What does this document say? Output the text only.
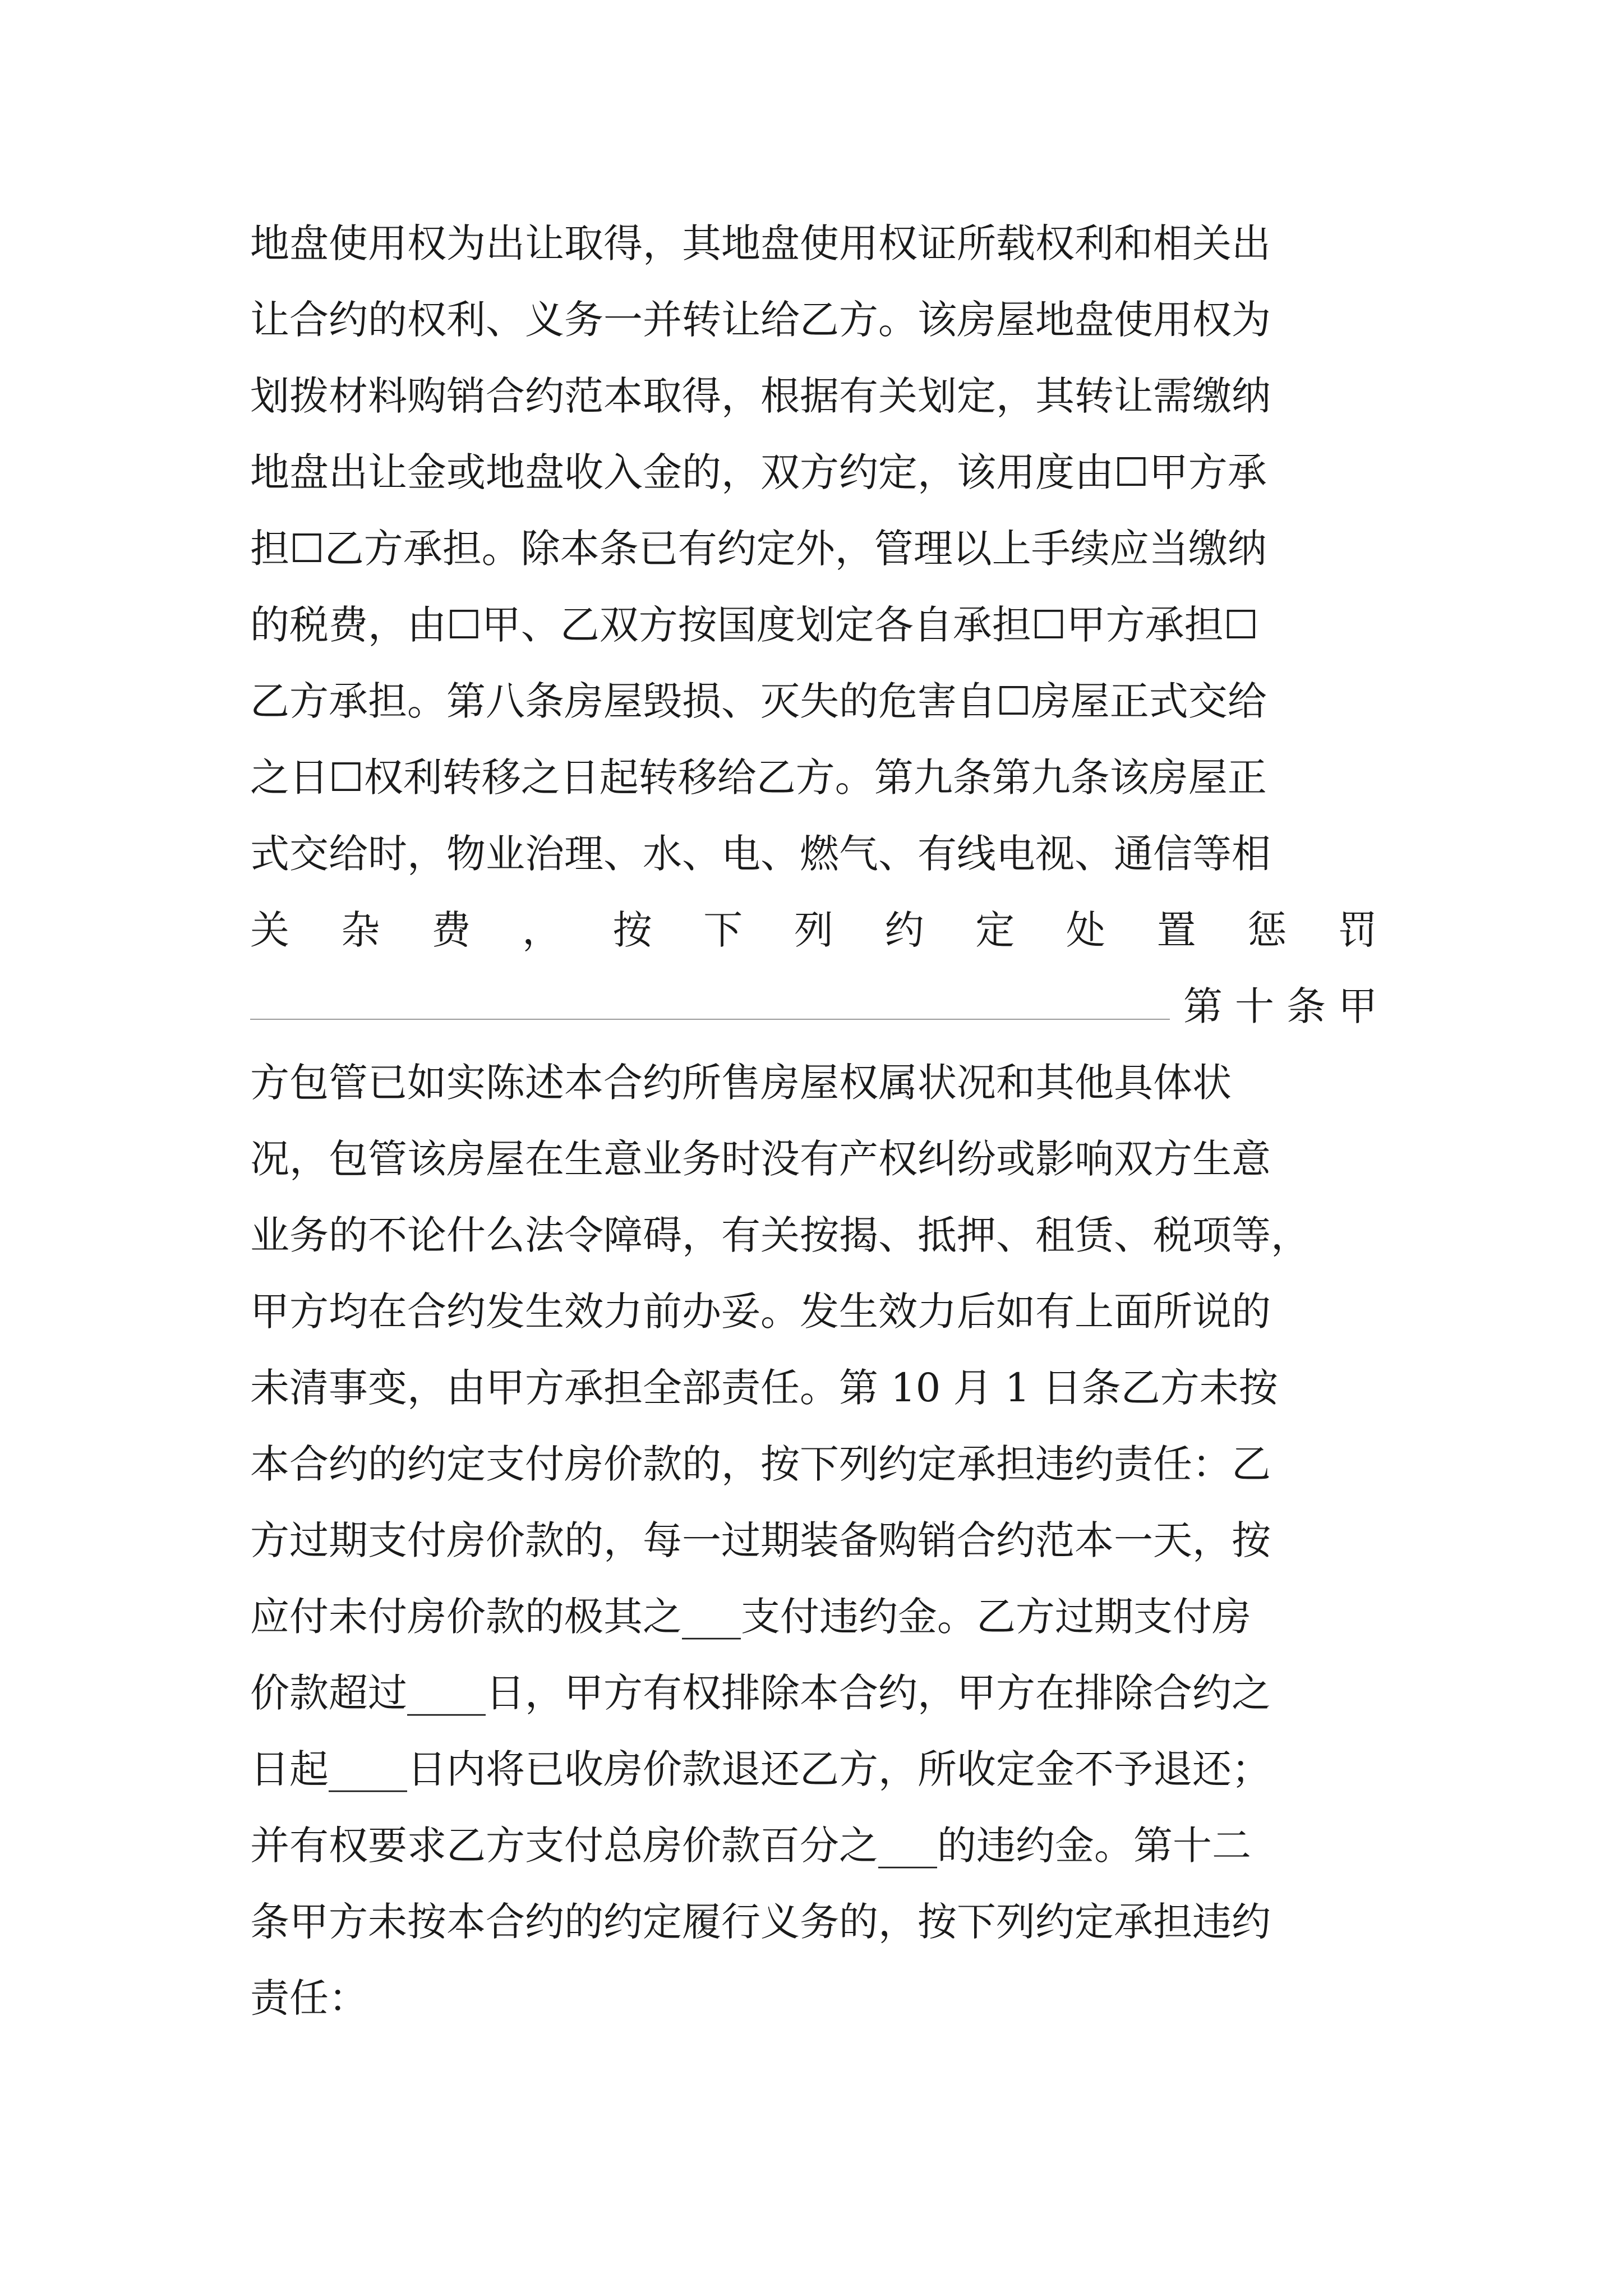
地盘使用权为出让取得，其地盘使用权证所载权利和相关出
让合约的权利、义务一并转让给乙方。该房屋地盘使用权为
划拨材料购销合约范本取得，根据有关划定，其转让需缴纳
地盘出让金或地盘收入金的，双方约定，该用度由☐甲方承
担☐乙方承担。除本条已有约定外，管理以上手续应当缴纳
的税费，由☐甲、乙双方按国度划定各自承担☐甲方承担☐
乙方承担。第八条房屋毁损、灭失的危害自☐房屋正式交给
之日☐权利转移之日起转移给乙方。第九条第九条该房屋正
式交给时，物业治理、水、电、燃气、有线电视、通信等相
关 杂 费 ， 按 下 列 约 定 处 置 惩 罚
第 十 条 甲
方包管已如实陈述本合约所售房屋权属状况和其他具体状
况，包管该房屋在生意业务时没有产权纠纷或影响双方生意
业务的不论什么法令障碍，有关按揭、抵押、租赁、税项等，
甲方均在合约发生效力前办妥。发生效力后如有上面所说的
未清事变，由甲方承担全部责任。第 10 月 1 日条乙方未按
本合约的约定支付房价款的，按下列约定承担违约责任：乙
方过期支付房价款的，每一过期装备购销合约范本一天，按
应付未付房价款的极其之___支付违约金。乙方过期支付房
价款超过____日，甲方有权排除本合约，甲方在排除合约之
日起____日内将已收房价款退还乙方，所收定金不予退还；
并有权要求乙方支付总房价款百分之___的违约金。第十二
条甲方未按本合约的约定履行义务的，按下列约定承担违约
责任：
